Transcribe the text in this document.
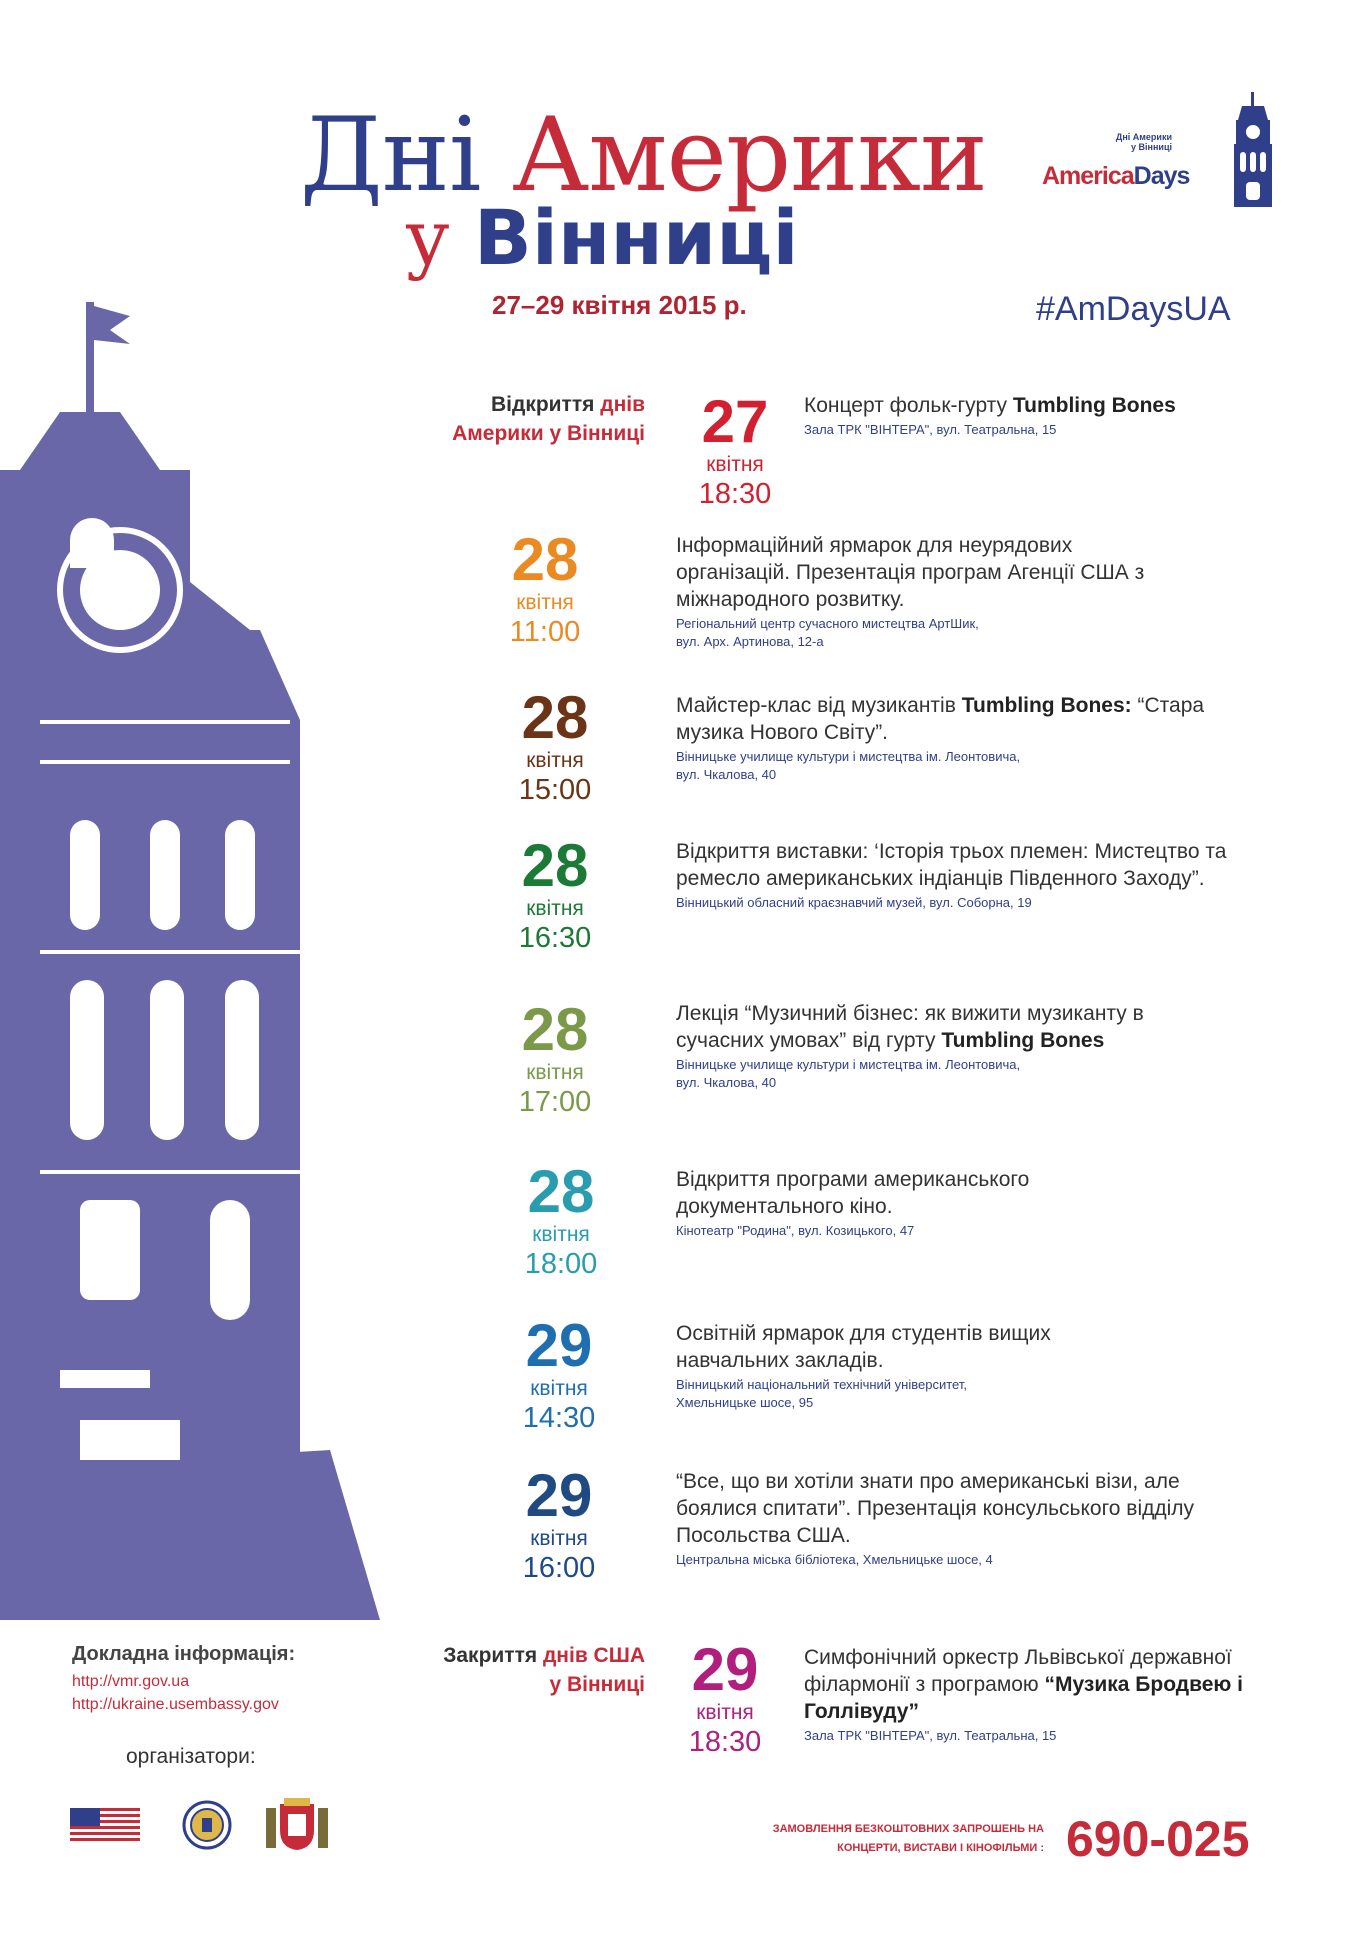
Дні Америки
у Вінниці
27–29 квітня 2015 р.	#AmDaysUA
Дні Америки
у Вінниці
AmericaDays
Відкриття днів
Америки у Вінниці
Закриття днів США
у Вінниці
27
квітня
18:30
Концерт фольк-гурту Tumbling Bones
Зала ТРК "ВІНТЕРА", вул. Театральна, 15
28
квітня
11:00
Інформаційний ярмарок для неурядових організацій. Презентація програм Агенції США з міжнародного розвитку.
Регіональний центр сучасного мистецтва АртШик,
вул. Арх. Артинова, 12-а
28
квітня
15:00
Майстер-клас від музикантів Tumbling Bones: “Стара музика Нового Світу”.
Вінницьке училище культури і мистецтва ім. Леонтовича,
вул. Чкалова, 40
28
квітня
16:30
Відкриття виставки: ‘Історія трьох племен: Мистецтво та ремесло американських індіанців Південного Заходу”.
Вінницький обласний краєзнавчий музей, вул. Соборна, 19
28
квітня
17:00
Лекція “Музичний бізнес: як вижити музиканту в сучасних умовах” від гурту Tumbling Bones
Вінницьке училище культури і мистецтва ім. Леонтовича,
вул. Чкалова, 40
28
квітня
18:00
Відкриття програми американського документального кіно.
Кінотеатр "Родина", вул. Козицького, 47
29
квітня
14:30
Освітній ярмарок для студентів вищих навчальних закладів.
Вінницький національний технічний університет,
Хмельницьке шосе, 95
29
квітня
16:00
“Все, що ви хотіли знати про американські візи, але боялися спитати”. Презентація консульського відділу Посольства США.
Центральна міська бібліотека, Хмельницьке шосе, 4
29
квітня
18:30
Симфонічний оркестр Львівської державної філармонії з програмою “Музика Бродвею і Голлівуду”
Зала ТРК "ВІНТЕРА", вул. Театральна, 15
Докладна інформація:
http://vmr.gov.ua
http://ukraine.usembassy.gov
організатори:
ЗАМОВЛЕННЯ БЕЗКОШТОВНИХ ЗАПРОШЕНЬ НА
КОНЦЕРТИ, ВИСТАВИ І КІНОФІЛЬМИ : 690-025
